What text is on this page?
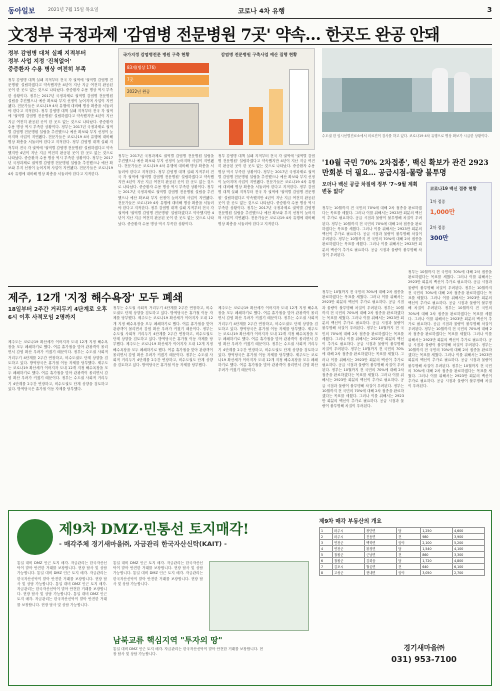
동아일보	2021년 7월 15일 목요일	코로나 4차 유행	3
文정부 국정과제 '감염병 전문병원 7곳' 약속… 한곳도 완공 안돼
정부 감염병 대처 실패 지적부터
정부 사업 지정 '진척없어'
중증환자 수용 병상 여전히 부족
정부 감염병 대책 실패 지적부터 전국 각 권역에 '권역별 감염병 전문병원' 설립하겠다고 약속했지만 4년이 지난 지금 여전히 완공된 곳이 한 곳도 없는 것으로 나타났다. 중증환자 수용 병상 역시 부족한 상황이다. 정부는 2017년 국정과제로 권역별 감염병 전문병원 설립을 추진했으나 예산 확보와 부지 선정이 늦어지며 사업이 지연됐다. 전문가들은 코로나19 4차 유행에 대비해 병상 확충을 서둘러야 한다고 지적한다. 정부 감염병 대책 실패 지적부터 전국 각 권역에 '권역별 감염병 전문병원' 설립하겠다고 약속했지만 4년이 지난 지금 여전히 완공된 곳이 한 곳도 없는 것으로 나타났다. 중증환자 수용 병상 역시 부족한 상황이다. 정부는 2017년 국정과제로 권역별 감염병 전문병원 설립을 추진했으나 예산 확보와 부지 선정이 늦어지며 사업이 지연됐다. 전문가들은 코로나19 4차 유행에 대비해 병상 확충을 서둘러야 한다고 지적한다. 정부 감염병 대책 실패 지적부터 전국 각 권역에 '권역별 감염병 전문병원' 설립하겠다고 약속했지만 4년이 지난 지금 여전히 완공된 곳이 한 곳도 없는 것으로 나타났다. 중증환자 수용 병상 역시 부족한 상황이다. 정부는 2017년 국정과제로 권역별 감염병 전문병원 설립을 추진했으나 예산 확보와 부지 선정이 늦어지며 사업이 지연됐다. 전문가들은 코로나19 4차 유행에 대비해 병상 확충을 서둘러야 한다고 지적한다.
국가지정 감염병전문 병원 구축 현황	감염병 전문병원 구축사업 예산 집행 현황
83개(병상 176)
7곳
2022년 완공
정부는 2017년 국정과제로 권역별 감염병 전문병원 설립을 추진했으나 예산 확보와 부지 선정이 늦어지며 사업이 지연됐다. 전문가들은 코로나19 4차 유행에 대비해 병상 확충을 서둘러야 한다고 지적한다. 정부 감염병 대책 실패 지적부터 전국 각 권역에 '권역별 감염병 전문병원' 설립하겠다고 약속했지만 4년이 지난 지금 여전히 완공된 곳이 한 곳도 없는 것으로 나타났다. 중증환자 수용 병상 역시 부족한 상황이다. 정부는 2017년 국정과제로 권역별 감염병 전문병원 설립을 추진했으나 예산 확보와 부지 선정이 늦어지며 사업이 지연됐다. 전문가들은 코로나19 4차 유행에 대비해 병상 확충을 서둘러야 한다고 지적한다. 정부 감염병 대책 실패 지적부터 전국 각 권역에 '권역별 감염병 전문병원' 설립하겠다고 약속했지만 4년이 지난 지금 여전히 완공된 곳이 한 곳도 없는 것으로 나타났다. 중증환자 수용 병상 역시 부족한 상황이다.
정부 감염병 대책 실패 지적부터 전국 각 권역에 '권역별 감염병 전문병원' 설립하겠다고 약속했지만 4년이 지난 지금 여전히 완공된 곳이 한 곳도 없는 것으로 나타났다. 중증환자 수용 병상 역시 부족한 상황이다. 정부는 2017년 국정과제로 권역별 감염병 전문병원 설립을 추진했으나 예산 확보와 부지 선정이 늦어지며 사업이 지연됐다. 전문가들은 코로나19 4차 유행에 대비해 병상 확충을 서둘러야 한다고 지적한다. 정부 감염병 대책 실패 지적부터 전국 각 권역에 '권역별 감염병 전문병원' 설립하겠다고 약속했지만 4년이 지난 지금 여전히 완공된 곳이 한 곳도 없는 것으로 나타났다. 중증환자 수용 병상 역시 부족한 상황이다. 정부는 2017년 국정과제로 권역별 감염병 전문병원 설립을 추진했으나 예산 확보와 부지 선정이 늦어지며 사업이 지연됐다. 전문가들은 코로나19 4차 유행에 대비해 병상 확충을 서둘러야 한다고 지적한다.
수도권 한 임시선별진료소에서 의료진이 검사를 하고 있다. 코로나19 4차 유행으로 병상 확보가 시급한 상황이다.
'10월 국민 70% 2차접종', 백신 확보가 관건 2923만회분 더 필요… 공급시점-물량 불투명
모더나 백신 공급 차질에 정부 '7~9월 계획 변동 없다'
코로나19 백신 접종 현황
1차 접종
1,000만
2차 접종
300만
정부는 10월까지 전 국민의 70%에 대해 2차 접종을 완료하겠다는 목표를 세웠다. 그러나 이를 위해서는 2923만 회분의 백신이 추가로 필요하다. 공급 시점과 물량이 불투명해 차질이 우려된다. 정부는 10월까지 전 국민의 70%에 대해 2차 접종을 완료하겠다는 목표를 세웠다. 그러나 이를 위해서는 2923만 회분의 백신이 추가로 필요하다. 공급 시점과 물량이 불투명해 차질이 우려된다. 정부는 10월까지 전 국민의 70%에 대해 2차 접종을 완료하겠다는 목표를 세웠다. 그러나 이를 위해서는 2923만 회분의 백신이 추가로 필요하다. 공급 시점과 물량이 불투명해 차질이 우려된다.
정부는 10월까지 전 국민의 70%에 대해 2차 접종을 완료하겠다는 목표를 세웠다. 그러나 이를 위해서는 2923만 회분의 백신이 추가로 필요하다. 공급 시점과 물량이 불투명해 차질이 우려된다. 정부는 10월까지 전 국민의 70%에 대해 2차 접종을 완료하겠다는 목표를 세웠다. 그러나 이를 위해서는 2923만 회분의 백신이 추가로 필요하다. 공급 시점과 물량이 불투명해 차질이 우려된다. 정부는 10월까지 전 국민의 70%에 대해 2차 접종을 완료하겠다는 목표를 세웠다. 그러나 이를 위해서는 2923만 회분의 백신이 추가로 필요하다. 공급 시점과 물량이 불투명해 차질이 우려된다. 정부는 10월까지 전 국민의 70%에 대해 2차 접종을 완료하겠다는 목표를 세웠다. 그러나 이를 위해서는 2923만 회분의 백신이 추가로 필요하다. 공급 시점과 물량이 불투명해 차질이 우려된다. 정부는 10월까지 전 국민의 70%에 대해 2차 접종을 완료하겠다는 목표를 세웠다. 그러나 이를 위해서는 2923만 회분의 백신이 추가로 필요하다. 공급 시점과 물량이 불투명해 차질이 우려된다. 정부는 10월까지 전 국민의 70%에 대해 2차 접종을 완료하겠다는 목표를 세웠다. 그러나 이를 위해서는 2923만 회분의 백신이 추가로 필요하다. 공급 시점과 물량이 불투명해 차질이 우려된다.
정부는 10월까지 전 국민의 70%에 대해 2차 접종을 완료하겠다는 목표를 세웠다. 그러나 이를 위해서는 2923만 회분의 백신이 추가로 필요하다. 공급 시점과 물량이 불투명해 차질이 우려된다. 정부는 10월까지 전 국민의 70%에 대해 2차 접종을 완료하겠다는 목표를 세웠다. 그러나 이를 위해서는 2923만 회분의 백신이 추가로 필요하다. 공급 시점과 물량이 불투명해 차질이 우려된다. 정부는 10월까지 전 국민의 70%에 대해 2차 접종을 완료하겠다는 목표를 세웠다. 그러나 이를 위해서는 2923만 회분의 백신이 추가로 필요하다. 공급 시점과 물량이 불투명해 차질이 우려된다. 정부는 10월까지 전 국민의 70%에 대해 2차 접종을 완료하겠다는 목표를 세웠다. 그러나 이를 위해서는 2923만 회분의 백신이 추가로 필요하다. 공급 시점과 물량이 불투명해 차질이 우려된다. 정부는 10월까지 전 국민의 70%에 대해 2차 접종을 완료하겠다는 목표를 세웠다. 그러나 이를 위해서는 2923만 회분의 백신이 추가로 필요하다. 공급 시점과 물량이 불투명해 차질이 우려된다. 정부는 10월까지 전 국민의 70%에 대해 2차 접종을 완료하겠다는 목표를 세웠다. 그러나 이를 위해서는 2923만 회분의 백신이 추가로 필요하다. 공급 시점과 물량이 불투명해 차질이 우려된다.
제주, 12개 '지정 해수욕장' 모두 폐쇄
18일부터 2주간 거리두기 4단계로 오후 6시 이후 사적모임 2명까지
제주도는 코로나19 확산세가 이어지자 도내 12개 지정 해수욕장을 모두 폐쇄하기로 했다. 여름 휴가철을 맞아 관광객이 몰리면서 감염 확산 우려가 커졌기 때문이다. 정부는 수도권 사회적 거리두기 4단계를 2주간 연장하고, 비수도권도 단계 상향을 검토하고 있다. 방역당국은 휴가철 이동 자제를 당부했다. 제주도는 코로나19 확산세가 이어지자 도내 12개 지정 해수욕장을 모두 폐쇄하기로 했다. 여름 휴가철을 맞아 관광객이 몰리면서 감염 확산 우려가 커졌기 때문이다. 정부는 수도권 사회적 거리두기 4단계를 2주간 연장하고, 비수도권도 단계 상향을 검토하고 있다. 방역당국은 휴가철 이동 자제를 당부했다.
정부는 수도권 사회적 거리두기 4단계를 2주간 연장하고, 비수도권도 단계 상향을 검토하고 있다. 방역당국은 휴가철 이동 자제를 당부했다. 제주도는 코로나19 확산세가 이어지자 도내 12개 지정 해수욕장을 모두 폐쇄하기로 했다. 여름 휴가철을 맞아 관광객이 몰리면서 감염 확산 우려가 커졌기 때문이다. 정부는 수도권 사회적 거리두기 4단계를 2주간 연장하고, 비수도권도 단계 상향을 검토하고 있다. 방역당국은 휴가철 이동 자제를 당부했다. 제주도는 코로나19 확산세가 이어지자 도내 12개 지정 해수욕장을 모두 폐쇄하기로 했다. 여름 휴가철을 맞아 관광객이 몰리면서 감염 확산 우려가 커졌기 때문이다. 정부는 수도권 사회적 거리두기 4단계를 2주간 연장하고, 비수도권도 단계 상향을 검토하고 있다. 방역당국은 휴가철 이동 자제를 당부했다.
제주도는 코로나19 확산세가 이어지자 도내 12개 지정 해수욕장을 모두 폐쇄하기로 했다. 여름 휴가철을 맞아 관광객이 몰리면서 감염 확산 우려가 커졌기 때문이다. 정부는 수도권 사회적 거리두기 4단계를 2주간 연장하고, 비수도권도 단계 상향을 검토하고 있다. 방역당국은 휴가철 이동 자제를 당부했다. 제주도는 코로나19 확산세가 이어지자 도내 12개 지정 해수욕장을 모두 폐쇄하기로 했다. 여름 휴가철을 맞아 관광객이 몰리면서 감염 확산 우려가 커졌기 때문이다. 정부는 수도권 사회적 거리두기 4단계를 2주간 연장하고, 비수도권도 단계 상향을 검토하고 있다. 방역당국은 휴가철 이동 자제를 당부했다. 제주도는 코로나19 확산세가 이어지자 도내 12개 지정 해수욕장을 모두 폐쇄하기로 했다. 여름 휴가철을 맞아 관광객이 몰리면서 감염 확산 우려가 커졌기 때문이다.
제9차 DMZ·민통선 토지매각!
- 매각주체 경기새마을㈜, 자금관리 한국자산신탁(KAIT) -
통일 대비 DMZ 인근 토지 매각. 자금관리는 한국자산신탁이 맡아 안전한 거래를 보장합니다. 현장 답사 및 상담 가능합니다. 통일 대비 DMZ 인근 토지 매각. 자금관리는 한국자산신탁이 맡아 안전한 거래를 보장합니다. 현장 답사 및 상담 가능합니다. 통일 대비 DMZ 인근 토지 매각. 자금관리는 한국자산신탁이 맡아 안전한 거래를 보장합니다. 현장 답사 및 상담 가능합니다. 통일 대비 DMZ 인근 토지 매각. 자금관리는 한국자산신탁이 맡아 안전한 거래를 보장합니다. 현장 답사 및 상담 가능합니다.
통일 대비 DMZ 인근 토지 매각. 자금관리는 한국자산신탁이 맡아 안전한 거래를 보장합니다. 현장 답사 및 상담 가능합니다. 통일 대비 DMZ 인근 토지 매각. 자금관리는 한국자산신탁이 맡아 안전한 거래를 보장합니다. 현장 답사 및 상담 가능합니다.
남북교류 핵심지역 "투자의 땅"
통일 대비 DMZ 인근 토지 매각. 자금관리는 한국자산신탁이 맡아 안전한 거래를 보장합니다. 현장 답사 및 상담 가능합니다.
제9차 매각 부동산의 개요
1	파주시	장단면	답	1,250	4,600
2	파주시	진동면	전	980	3,900
3	연천군	백학면	임야	2,100	5,200
4	연천군	왕징면	답	1,540	4,100
5	철원군	근남면	전	860	3,300
6	철원군	김화읍	답	1,720	4,800
7	김포시	월곶면	전	640	6,100
8	고성군	현내면	임야	3,050	2,700
경기새마을㈜
031) 953-7100
